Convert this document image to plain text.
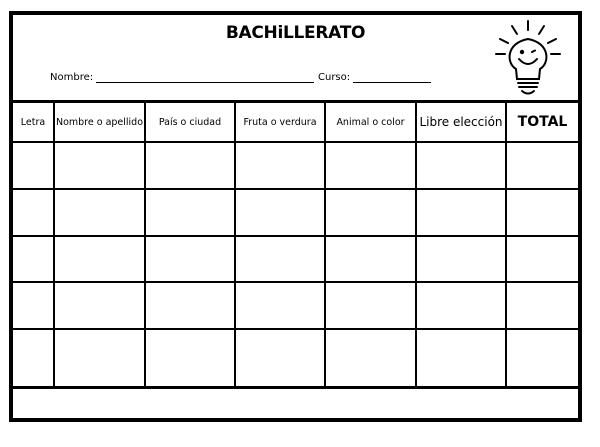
BACHiLLERATO
Nombre:	Curso:
Letra	Nombre o apellido	País o ciudad	Fruta o verdura	Animal o color	Libre elección	TOTAL
